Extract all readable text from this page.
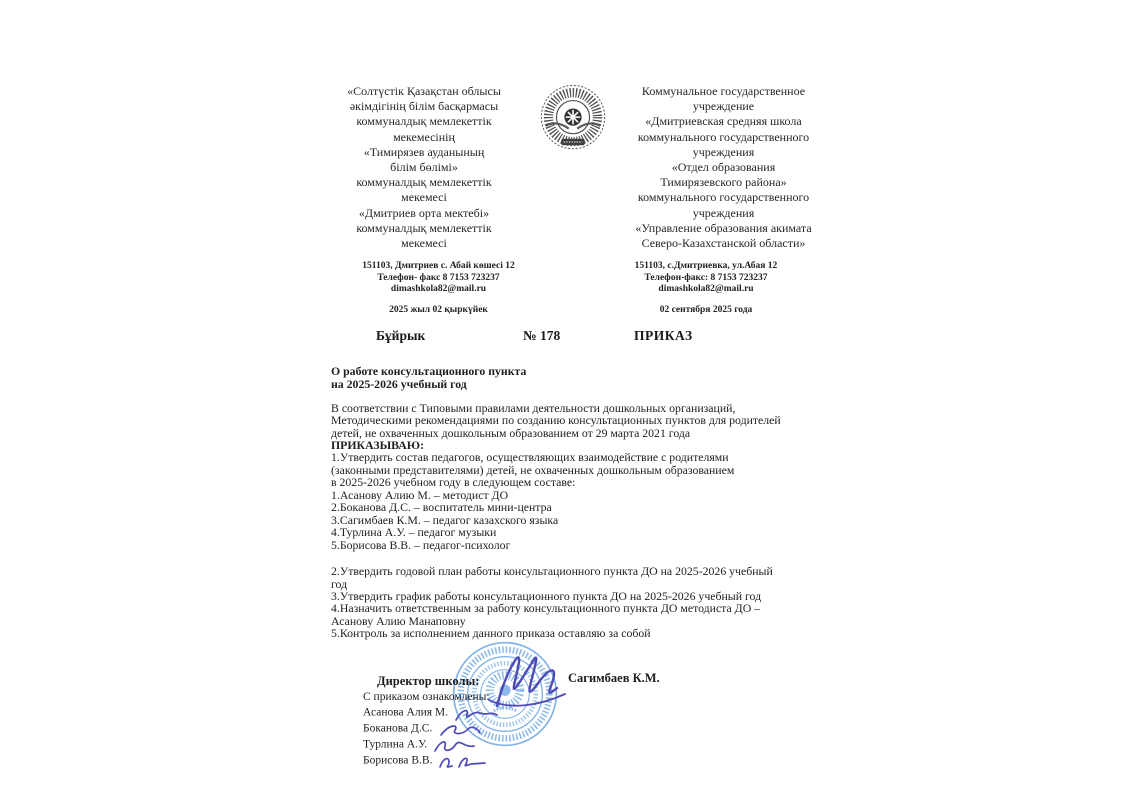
«Солтүстік Қазақстан облысы
әкімдігінің білім басқармасы
коммуналдық мемлекеттік
мекемесінің
«Тимирязев ауданының
білім бөлімі»
коммуналдық мемлекеттік
мекемесі
«Дмитриев орта мектебі»
коммуналдық мемлекеттік
мекемесі
Коммунальное государственное
учреждение
«Дмитриевская средняя школа
коммунального государственного
учреждения
«Отдел образования
Тимирязевского района»
коммунального государственного
учреждения
«Управление образования акимата
Северо-Казахстанской области»
151103, Дмитриев с. Абай көшесі 12
Телефон- факс 8 7153 723237
dimashkola82@mail.ru
2025 жыл 02 қыркүйек
151103, с.Дмитриевка, ул.Абая 12
Телефон-факс: 8 7153 723237
dimashkola82@mail.ru
02 сентября 2025 года
Бұйрык	№ 178	ПРИКАЗ
О работе консультационного пункта
на 2025-2026 учебный год
В соответствии с Типовыми правилами деятельности дошкольных организаций,
Методическими рекомендациями по созданию консультационных пунктов для родителей
детей, не охваченных дошкольным образованием от 29 марта 2021 года
ПРИКАЗЫВАЮ:
1.Утвердить состав педагогов, осуществляющих взаимодействие с родителями
(законными представителями) детей, не охваченных дошкольным образованием
в 2025-2026 учебном году в следующем составе:
1.Асанову Алию М. – методист ДО
2.Боканова Д.С. – воспитатель мини-центра
3.Сагимбаев К.М. – педагог казахского языка
4.Турлина А.У. – педагог музыки
5.Борисова В.В. – педагог-психолог
2.Утвердить годовой план работы консультационного пункта ДО на 2025-2026 учебный
год
3.Утвердить график работы консультационного пункта ДО на 2025-2026 учебный год
4.Назначить ответственным за работу консультационного пункта ДО методиста ДО –
Асанову Алию Манаповну
5.Контроль за исполнением данного приказа оставляю за собой
Директор школы:	Сагимбаев К.М.
С приказом ознакомлены:
Асанова Алия М.
Боканова Д.С.
Турлина А.У.
Борисова В.В.
